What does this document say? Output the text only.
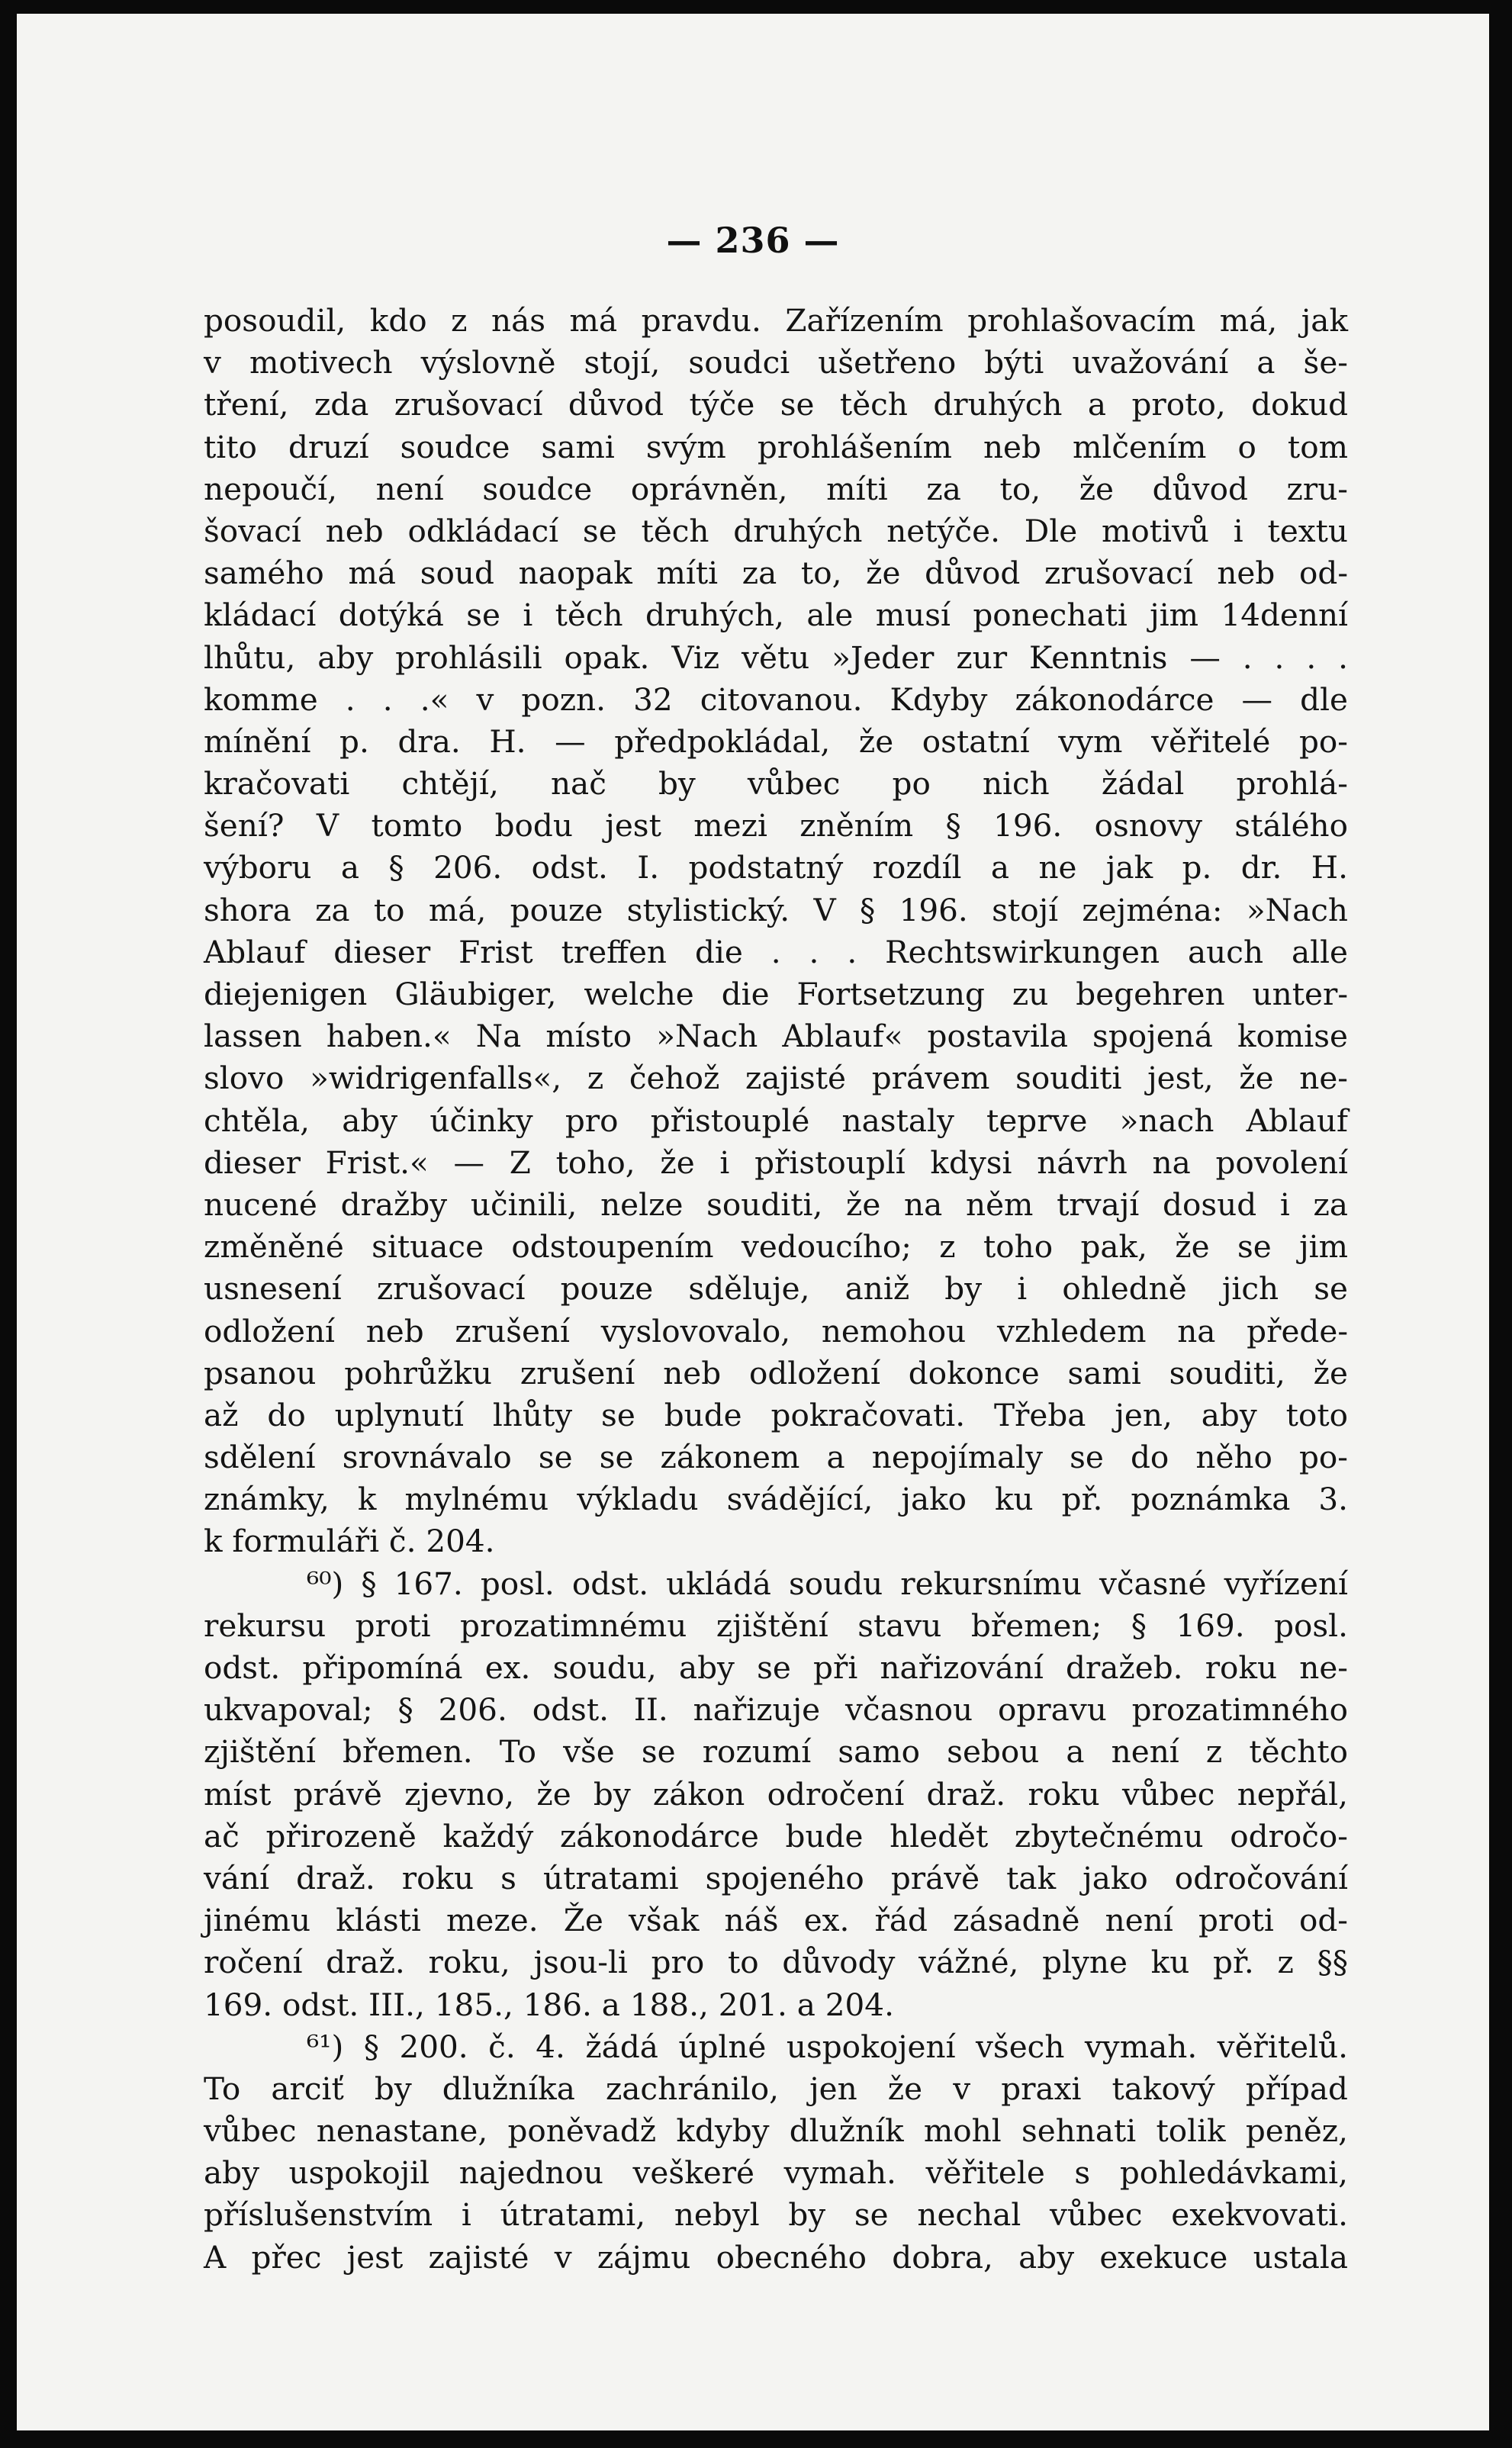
— 236 —
posoudil, kdo z nás má pravdu. Zařízením prohlašovacím má, jak
v motivech výslovně stojí, soudci ušetřeno býti uvažování a še-
tření, zda zrušovací důvod týče se těch druhých a proto, dokud
tito druzí soudce sami svým prohlášením neb mlčením o tom
nepoučí, není soudce oprávněn, míti za to, že důvod zru-
šovací neb odkládací se těch druhých netýče. Dle motivů i textu
samého má soud naopak míti za to, že důvod zrušovací neb od-
kládací dotýká se i těch druhých, ale musí ponechati jim 14denní
lhůtu, aby prohlásili opak. Viz větu »Jeder zur Kenntnis — . . . .
komme . . .« v pozn. 32 citovanou. Kdyby zákonodárce — dle
mínění p. dra. H. — předpokládal, že ostatní vym věřitelé po-
kračovati chtějí, nač by vůbec po nich žádal prohlá-
šení? V tomto bodu jest mezi zněním § 196. osnovy stálého
výboru a § 206. odst. I. podstatný rozdíl a ne jak p. dr. H.
shora za to má, pouze stylistický. V § 196. stojí zejména: »Nach
Ablauf dieser Frist treffen die . . . Rechtswirkungen auch alle
diejenigen Gläubiger, welche die Fortsetzung zu begehren unter-
lassen haben.« Na místo »Nach Ablauf« postavila spojená komise
slovo »widrigenfalls«, z čehož zajisté právem souditi jest, že ne-
chtěla, aby účinky pro přistouplé nastaly teprve »nach Ablauf
dieser Frist.« — Z toho, že i přistouplí kdysi návrh na povolení
nucené dražby učinili, nelze souditi, že na něm trvají dosud i za
změněné situace odstoupením vedoucího; z toho pak, že se jim
usnesení zrušovací pouze sděluje, aniž by i ohledně jich se
odložení neb zrušení vyslovovalo, nemohou vzhledem na přede-
psanou pohrůžku zrušení neb odložení dokonce sami souditi, že
až do uplynutí lhůty se bude pokračovati. Třeba jen, aby toto
sdělení srovnávalo se se zákonem a nepojímaly se do něho po-
známky, k mylnému výkladu svádějící, jako ku př. poznámka 3.
k formuláři č. 204.
⁶⁰) § 167. posl. odst. ukládá soudu rekursnímu včasné vyřízení
rekursu proti prozatimnému zjištění stavu břemen; § 169. posl.
odst. připomíná ex. soudu, aby se při nařizování dražeb. roku ne-
ukvapoval; § 206. odst. II. nařizuje včasnou opravu prozatimného
zjištění břemen. To vše se rozumí samo sebou a není z těchto
míst právě zjevno, že by zákon odročení draž. roku vůbec nepřál,
ač přirozeně každý zákonodárce bude hledět zbytečnému odročo-
vání draž. roku s útratami spojeného právě tak jako odročování
jinému klásti meze. Že však náš ex. řád zásadně není proti od-
ročení draž. roku, jsou-li pro to důvody vážné, plyne ku př. z §§
169. odst. III., 185., 186. a 188., 201. a 204.
⁶¹) § 200. č. 4. žádá úplné uspokojení všech vymah. věřitelů.
To arciť by dlužníka zachránilo, jen že v praxi takový případ
vůbec nenastane, poněvadž kdyby dlužník mohl sehnati tolik peněz,
aby uspokojil najednou veškeré vymah. věřitele s pohledávkami,
příslušenstvím i útratami, nebyl by se nechal vůbec exekvovati.
A přec jest zajisté v zájmu obecného dobra, aby exekuce ustala
